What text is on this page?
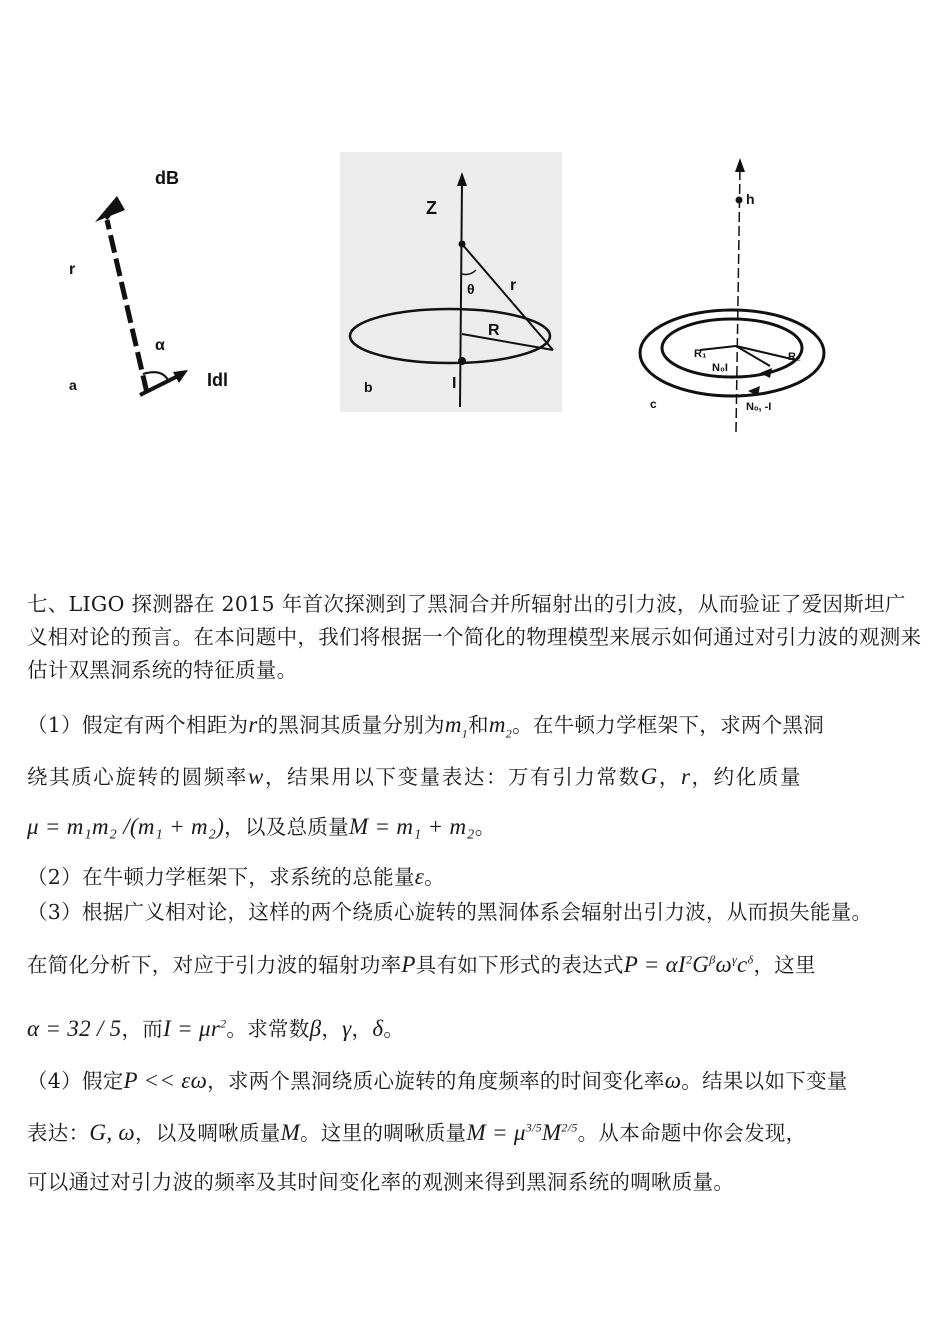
dB
r
α
Idl
a
Z
θ r
R
I
b
h
R₁	R₂
N₀I
Nₒ, -I
c
七、LIGO 探测器在 2015 年首次探测到了黑洞合并所辐射出的引力波，从而验证了爱因斯坦广义相对论的预言。在本问题中，我们将根据一个简化的物理模型来展示如何通过对引力波的观测来估计双黑洞系统的特征质量。
（1）假定有两个相距为r的黑洞其质量分别为$m_1$和$m_2$。在牛顿力学框架下，求两个黑洞
绕其质心旋转的圆频率w，结果用以下变量表达：万有引力常数G，r，约化质量
μ = m₁m₂ /(m₁ + m₂)，以及总质量M = m₁ + m₂。
（2）在牛顿力学框架下，求系统的总能量ε。
（3）根据广义相对论，这样的两个绕质心旋转的黑洞体系会辐射出引力波，从而损失能量。
在简化分析下，对应于引力波的辐射功率P具有如下形式的表达式$P = \alpha I^2G^\beta\omega^\gamma c^\delta$，这里
α = 32 / 5，而$I = \mu r^2$。求常数β，γ，δ。
（4）假定P << εω，求两个黑洞绕质心旋转的角度频率的时间变化率ω。结果以如下变量
表达：G, ω，以及啁啾质量M。这里的啁啾质量$M = \mu^{3/5}M^{2/5}$。从本命题中你会发现，
可以通过对引力波的频率及其时间变化率的观测来得到黑洞系统的啁啾质量。
